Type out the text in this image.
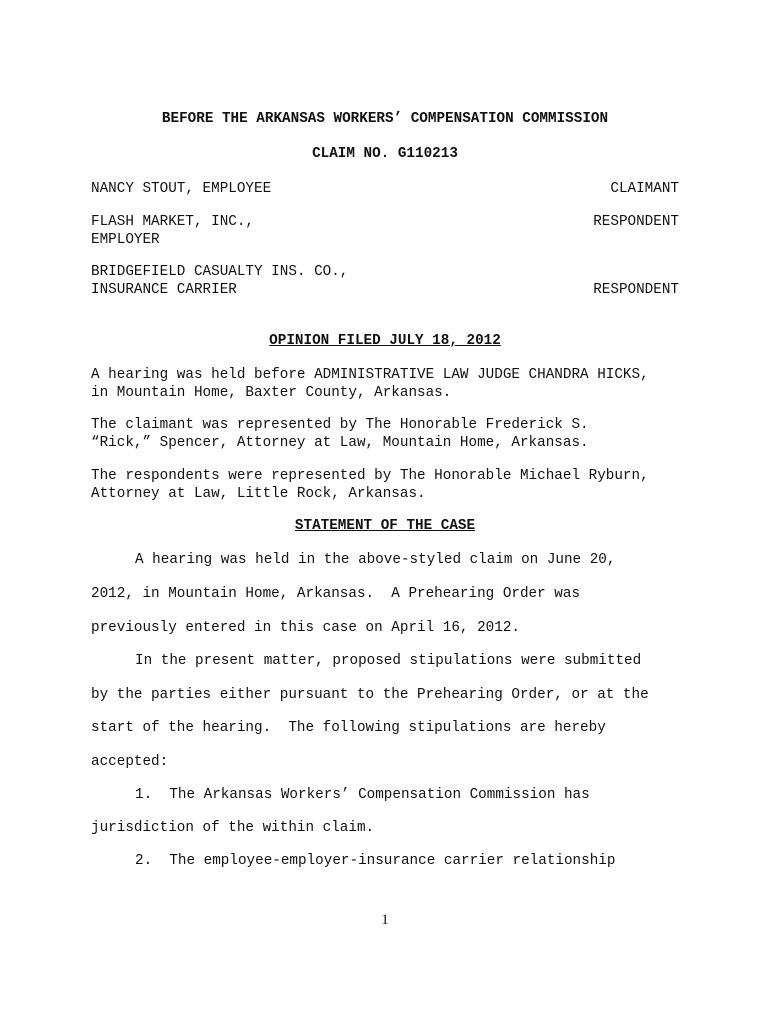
BEFORE THE ARKANSAS WORKERS’ COMPENSATION COMMISSION
CLAIM NO. G110213
NANCY STOUT, EMPLOYEE	CLAIMANT
FLASH MARKET, INC.,
EMPLOYER
RESPONDENT
BRIDGEFIELD CASUALTY INS. CO.,
INSURANCE CARRIER	RESPONDENT
OPINION FILED JULY 18, 2012
A hearing was held before ADMINISTRATIVE LAW JUDGE CHANDRA HICKS,
in Mountain Home, Baxter County, Arkansas.
The claimant was represented by The Honorable Frederick S.
“Rick,” Spencer, Attorney at Law, Mountain Home, Arkansas.
The respondents were represented by The Honorable Michael Ryburn,
Attorney at Law, Little Rock, Arkansas.
STATEMENT OF THE CASE
A hearing was held in the above-styled claim on June 20,
2012, in Mountain Home, Arkansas.  A Prehearing Order was
previously entered in this case on April 16, 2012.
In the present matter, proposed stipulations were submitted
by the parties either pursuant to the Prehearing Order, or at the
start of the hearing.  The following stipulations are hereby
accepted:
1.  The Arkansas Workers’ Compensation Commission has
jurisdiction of the within claim.
2.  The employee-employer-insurance carrier relationship
1
